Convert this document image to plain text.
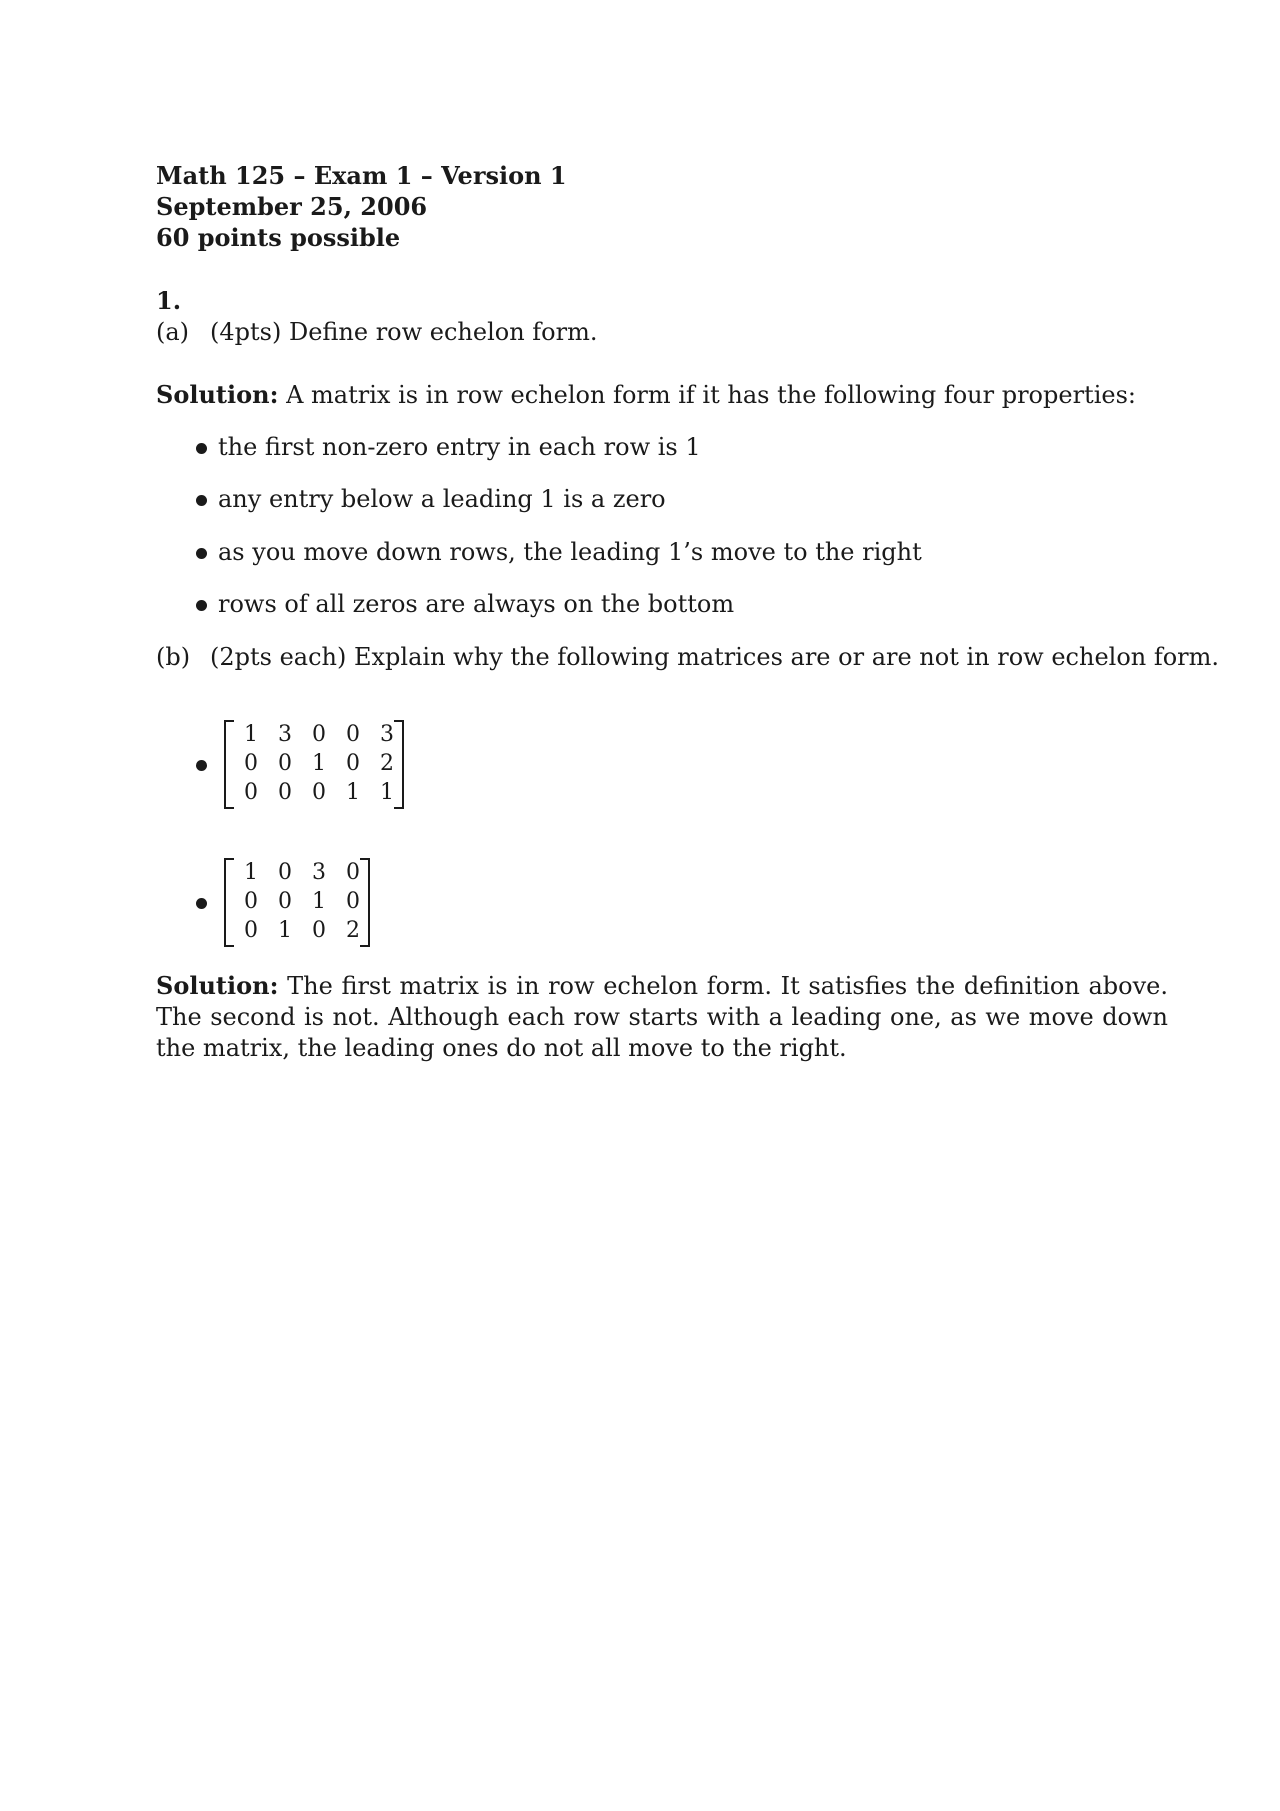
Math 125 – Exam 1 – Version 1
September 25, 2006
60 points possible
1.
(a) (4pts) Define row echelon form.
Solution: A matrix is in row echelon form if it has the following four properties:
the first non-zero entry in each row is 1
any entry below a leading 1 is a zero
as you move down rows, the leading 1’s move to the right
rows of all zeros are always on the bottom
(b) (2pts each) Explain why the following matrices are or are not in row echelon form.
1	3	0	0	3
0	0	1	0	2
0	0	0	1	1
1	0	3	0
0	0	1	0
0	1	0	2
Solution: The first matrix is in row echelon form. It satisfies the definition above. The second is not. Although each row starts with a leading one, as we move down the matrix, the leading ones do not all move to the right.
